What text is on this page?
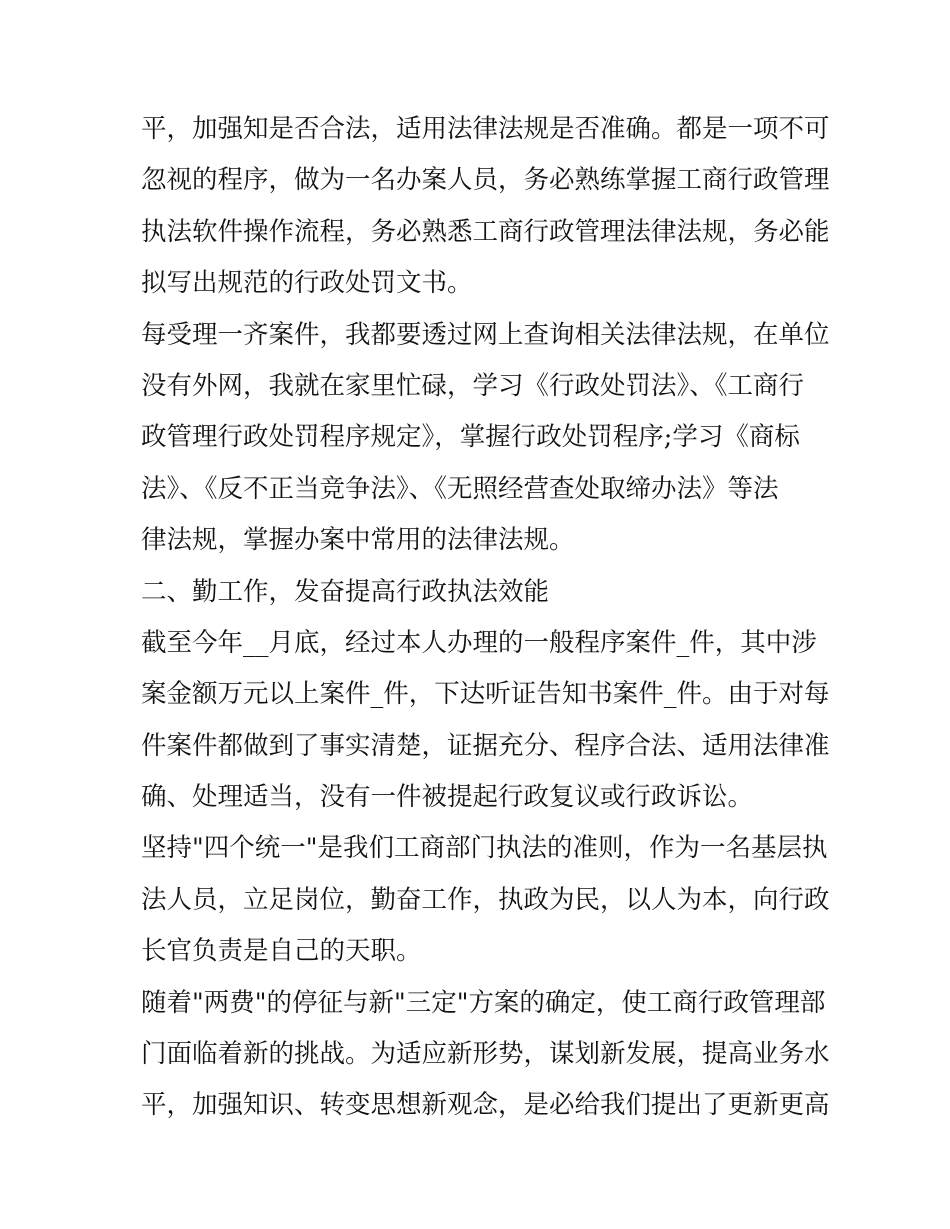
平，加强知是否合法，适用法律法规是否准确。都是一项不可
忽视的程序，做为一名办案人员，务必熟练掌握工商行政管理
执法软件操作流程，务必熟悉工商行政管理法律法规，务必能
拟写出规范的行政处罚文书。
每受理一齐案件，我都要透过网上查询相关法律法规，在单位
没有外网，我就在家里忙碌，学习《行政处罚法》、《工商行
政管理行政处罚程序规定》，掌握行政处罚程序;学习《商标
法》、《反不正当竞争法》、《无照经营查处取缔办法》等法
律法规，掌握办案中常用的法律法规。
二、勤工作，发奋提高行政执法效能
截至今年__月底，经过本人办理的一般程序案件_件，其中涉
案金额万元以上案件_件，下达听证告知书案件_件。由于对每
件案件都做到了事实清楚，证据充分、程序合法、适用法律准
确、处理适当，没有一件被提起行政复议或行政诉讼。
坚持"四个统一"是我们工商部门执法的准则，作为一名基层执
法人员，立足岗位，勤奋工作，执政为民，以人为本，向行政
长官负责是自己的天职。
随着"两费"的停征与新"三定"方案的确定，使工商行政管理部
门面临着新的挑战。为适应新形势，谋划新发展，提高业务水
平，加强知识、转变思想新观念，是必给我们提出了更新更高
